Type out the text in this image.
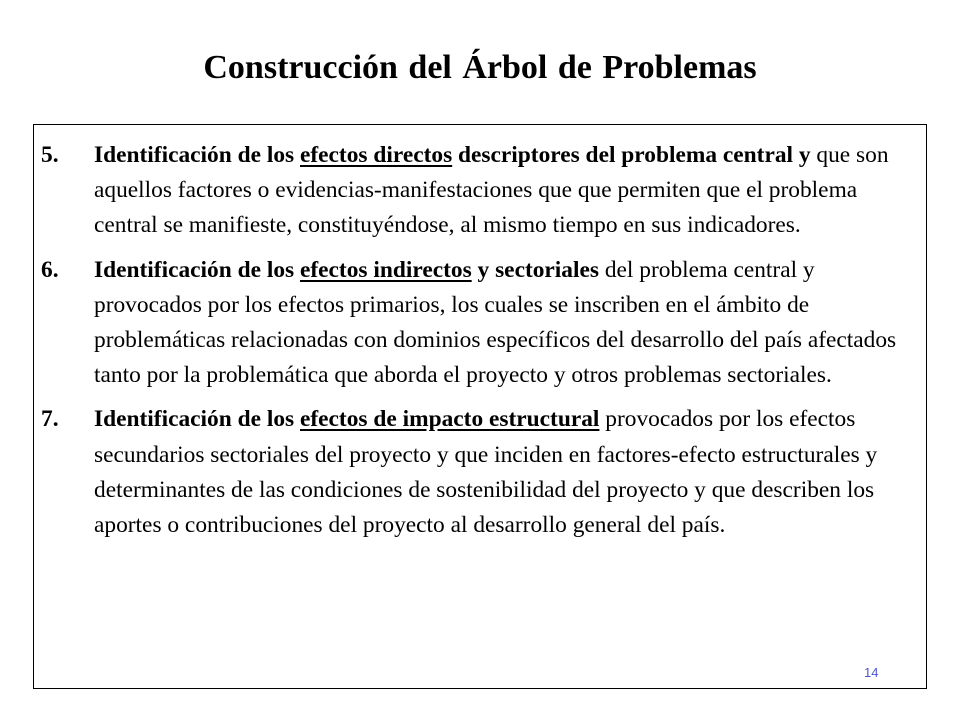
Construcción del Árbol de Problemas
5. Identificación de los efectos directos descriptores del problema central y que son aquellos factores o evidencias-manifestaciones que que permiten que el problema central se manifieste, constituyéndose, al mismo tiempo en sus indicadores.
6. Identificación de los efectos indirectos y sectoriales del problema central y provocados por los efectos primarios, los cuales se inscriben en el ámbito de problemáticas relacionadas con dominios específicos del desarrollo del país afectados tanto por la problemática que aborda el proyecto y otros problemas sectoriales.
7. Identificación de los efectos de impacto estructural provocados por los efectos secundarios sectoriales del proyecto y que inciden en factores-efecto estructurales y determinantes de las condiciones de sostenibilidad del proyecto y que describen los aportes o contribuciones del proyecto al desarrollo general del país.
14
